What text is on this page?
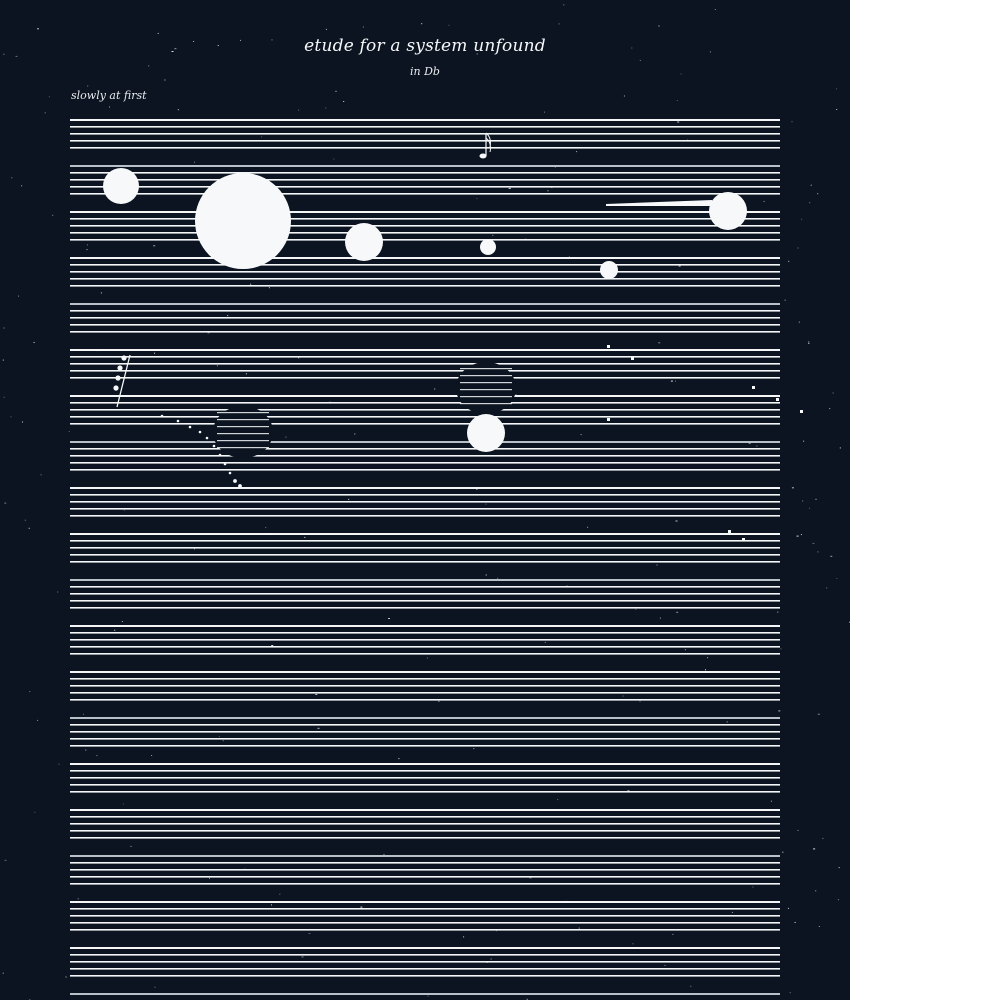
etude for a system unfound
in Db
slowly at first
